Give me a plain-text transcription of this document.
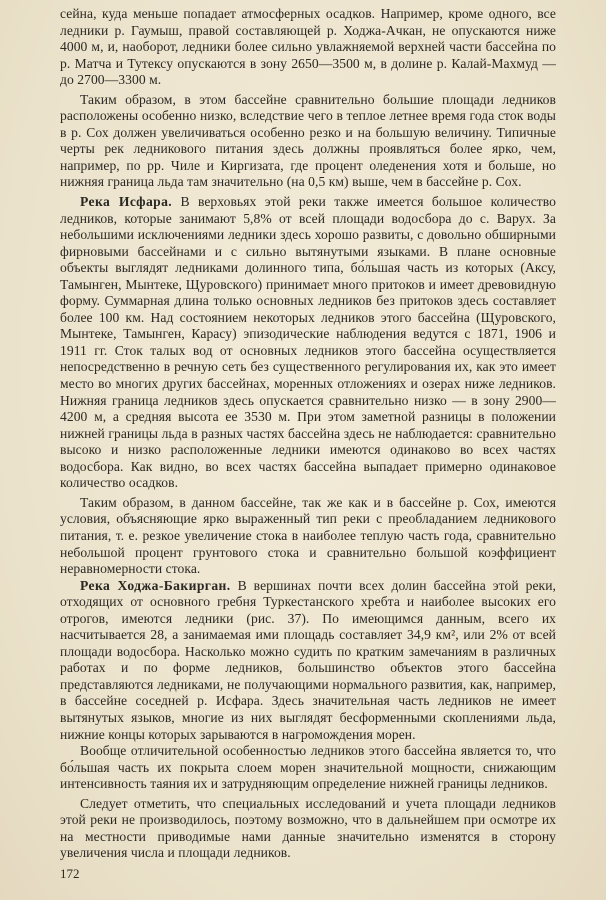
сейна, куда меньше попадает атмосферных осадков. Например, кроме одного, все ледники р. Гаумыш, правой составляющей р. Ходжа-Ачкан, не опускаются ниже 4000 м, и, наоборот, ледники более сильно увлажняемой верхней части бассейна по р. Матча и Тутексу опускаются в зону 2650—3500 м, в долине р. Калай-Махмуд — до 2700—3300 м.

Таким образом, в этом бассейне сравнительно большие площади ледников расположены особенно низко, вследствие чего в теплое летнее время года сток воды в р. Сох должен увеличиваться особенно резко и на большую величину. Типичные черты рек ледникового питания здесь должны проявляться более ярко, чем, например, по рр. Чиле и Киргизата, где процент оледенения хотя и больше, но нижняя граница льда там значительно (на 0,5 км) выше, чем в бассейне р. Сох.

Река Исфара. В верховьях этой реки также имеется большое количество ледников, которые занимают 5,8% от всей площади водосбора до с. Варух. За небольшими исключениями ледники здесь хорошо развиты, с довольно обширными фирновыми бассейнами и с сильно вытянутыми языками. В плане основные объекты выглядят ледниками долинного типа, бо́льшая часть из которых (Аксу, Тамынген, Мынтеке, Щуровского) принимает много притоков и имеет древовидную форму. Суммарная длина только основных ледников без притоков здесь составляет более 100 км. Над состоянием некоторых ледников этого бассейна (Щуровского, Мынтеке, Тамынген, Карасу) эпизодические наблюдения ведутся с 1871, 1906 и 1911 гг. Сток талых вод от основных ледников этого бассейна осуществляется непосредственно в речную сеть без существенного регулирования их, как это имеет место во многих других бассейнах, моренных отложениях и озерах ниже ледников. Нижняя граница ледников здесь опускается сравнительно низко — в зону 2900—4200 м, а средняя высота ее 3530 м. При этом заметной разницы в положении нижней границы льда в разных частях бассейна здесь не наблюдается: сравнительно высоко и низко расположенные ледники имеются одинаково во всех частях водосбора. Как видно, во всех частях бассейна выпадает примерно одинаковое количество осадков.

Таким образом, в данном бассейне, так же как и в бассейне р. Сох, имеются условия, объясняющие ярко выраженный тип реки с преобладанием ледникового питания, т. е. резкое увеличение стока в наиболее теплую часть года, сравнительно небольшой процент грунтового стока и сравнительно большой коэффициент неравномерности стока.

Река Ходжа-Бакирган. В вершинах почти всех долин бассейна этой реки, отходящих от основного гребня Туркестанского хребта и наиболее высоких его отрогов, имеются ледники (рис. 37). По имеющимся данным, всего их насчитывается 28, а занимаемая ими площадь составляет 34,9 км², или 2% от всей площади водосбора. Насколько можно судить по кратким замечаниям в различных работах и по форме ледников, большинство объектов этого бассейна представляются ледниками, не получающими нормального развития, как, например, в бассейне соседней р. Исфара. Здесь значительная часть ледников не имеет вытянутых языков, многие из них выглядят бесформенными скоплениями льда, нижние концы которых зарываются в нагромождения морен.

Вообще отличительной особенностью ледников этого бассейна является то, что бо́льшая часть их покрыта слоем морен значительной мощности, снижающим интенсивность таяния их и затрудняющим определение нижней границы ледников.

Следует отметить, что специальных исследований и учета площади ледников этой реки не производилось, поэтому возможно, что в дальнейшем при осмотре их на местности приводимые нами данные значительно изменятся в сторону увеличения числа и площади ледников.

172
